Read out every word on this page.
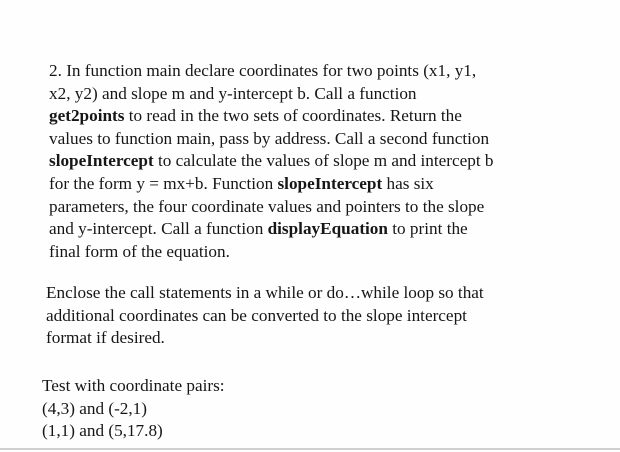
2. In function main declare coordinates for two points (x1, y1,
x2, y2) and slope m and y-intercept b. Call a function
get2points to read in the two sets of coordinates. Return the
values to function main, pass by address. Call a second function
slopeIntercept to calculate the values of slope m and intercept b
for the form y = mx+b. Function slopeIntercept has six
parameters, the four coordinate values and pointers to the slope
and y-intercept. Call a function displayEquation to print the
final form of the equation.
Enclose the call statements in a while or do…while loop so that
additional coordinates can be converted to the slope intercept
format if desired.
Test with coordinate pairs:
(4,3) and (-2,1)
(1,1) and (5,17.8)
